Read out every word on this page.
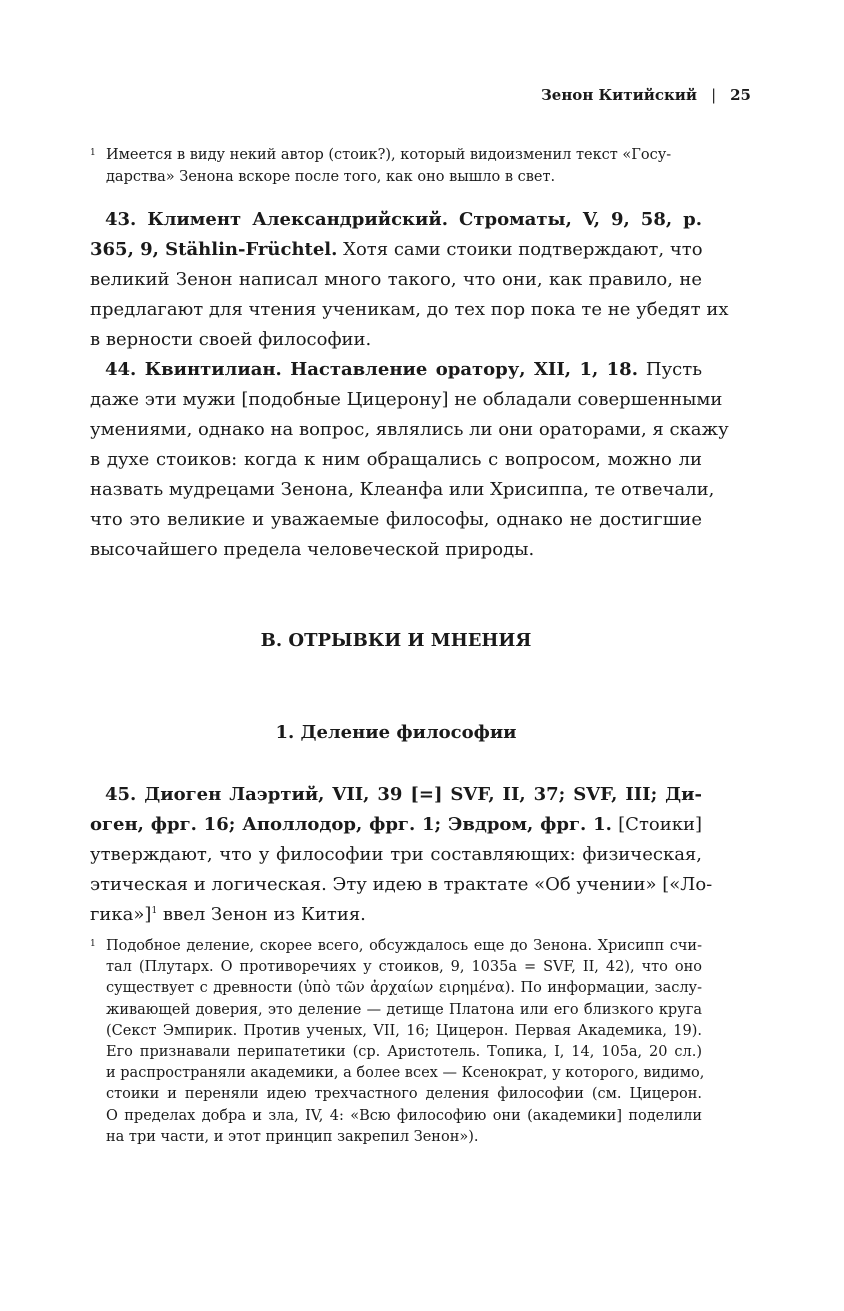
Зенон Китийский | 25
1 Имеется в виду некий автор (стоик?), который видоизменил текст «Госу-
дарства» Зенона вскоре после того, как оно вышло в свет.
43. Климент Александрийский. Строматы, V, 9, 58, р.
365, 9, Stählin-Früchtel. Хотя сами стоики подтверждают, что
великий Зенон написал много такого, что они, как правило, не
предлагают для чтения ученикам, до тех пор пока те не убедят их
в верности своей философии.
44. Квинтилиан. Наставление оратору, XII, 1, 18. Пусть
даже эти мужи [подобные Цицерону] не обладали совершенными
умениями, однако на вопрос, являлись ли они ораторами, я скажу
в духе стоиков: когда к ним обращались с вопросом, можно ли
назвать мудрецами Зенона, Клеанфа или Хрисиппа, те отвечали,
что это великие и уважаемые философы, однако не достигшие
высочайшего предела человеческой природы.
B. ОТРЫВКИ И МНЕНИЯ
1. Деление философии
45. Диоген Лаэртий, VII, 39 [=] SVF, II, 37; SVF, III; Ди-
оген, фрг. 16; Аполлодор, фрг. 1; Эвдром, фрг. 1. [Стоики]
утверждают, что у философии три составляющих: физическая,
этическая и логическая. Эту идею в трактате «Об учении» [«Ло-
гика»]$^1$ ввел Зенон из Кития.
1 Подобное деление, скорее всего, обсуждалось еще до Зенона. Хрисипп счи-
тал (Плутарх. О противоречиях у стоиков, 9, 1035a = SVF, II, 42), что оно
существует с древности (ὑπὸ τῶν ἀρχαίων ειρημένα). По информации, заслу-
живающей доверия, это деление — детище Платона или его близкого круга
(Секст Эмпирик. Против ученых, VII, 16; Цицерон. Первая Академика, 19).
Его признавали перипатетики (ср. Аристотель. Топика, I, 14, 105a, 20 сл.)
и распространяли академики, а более всех — Ксенократ, у которого, видимо,
стоики и переняли идею трехчастного деления философии (см. Цицерон.
О пределах добра и зла, IV, 4: «Всю философию они (академики] поделили
на три части, и этот принцип закрепил Зенон»).
